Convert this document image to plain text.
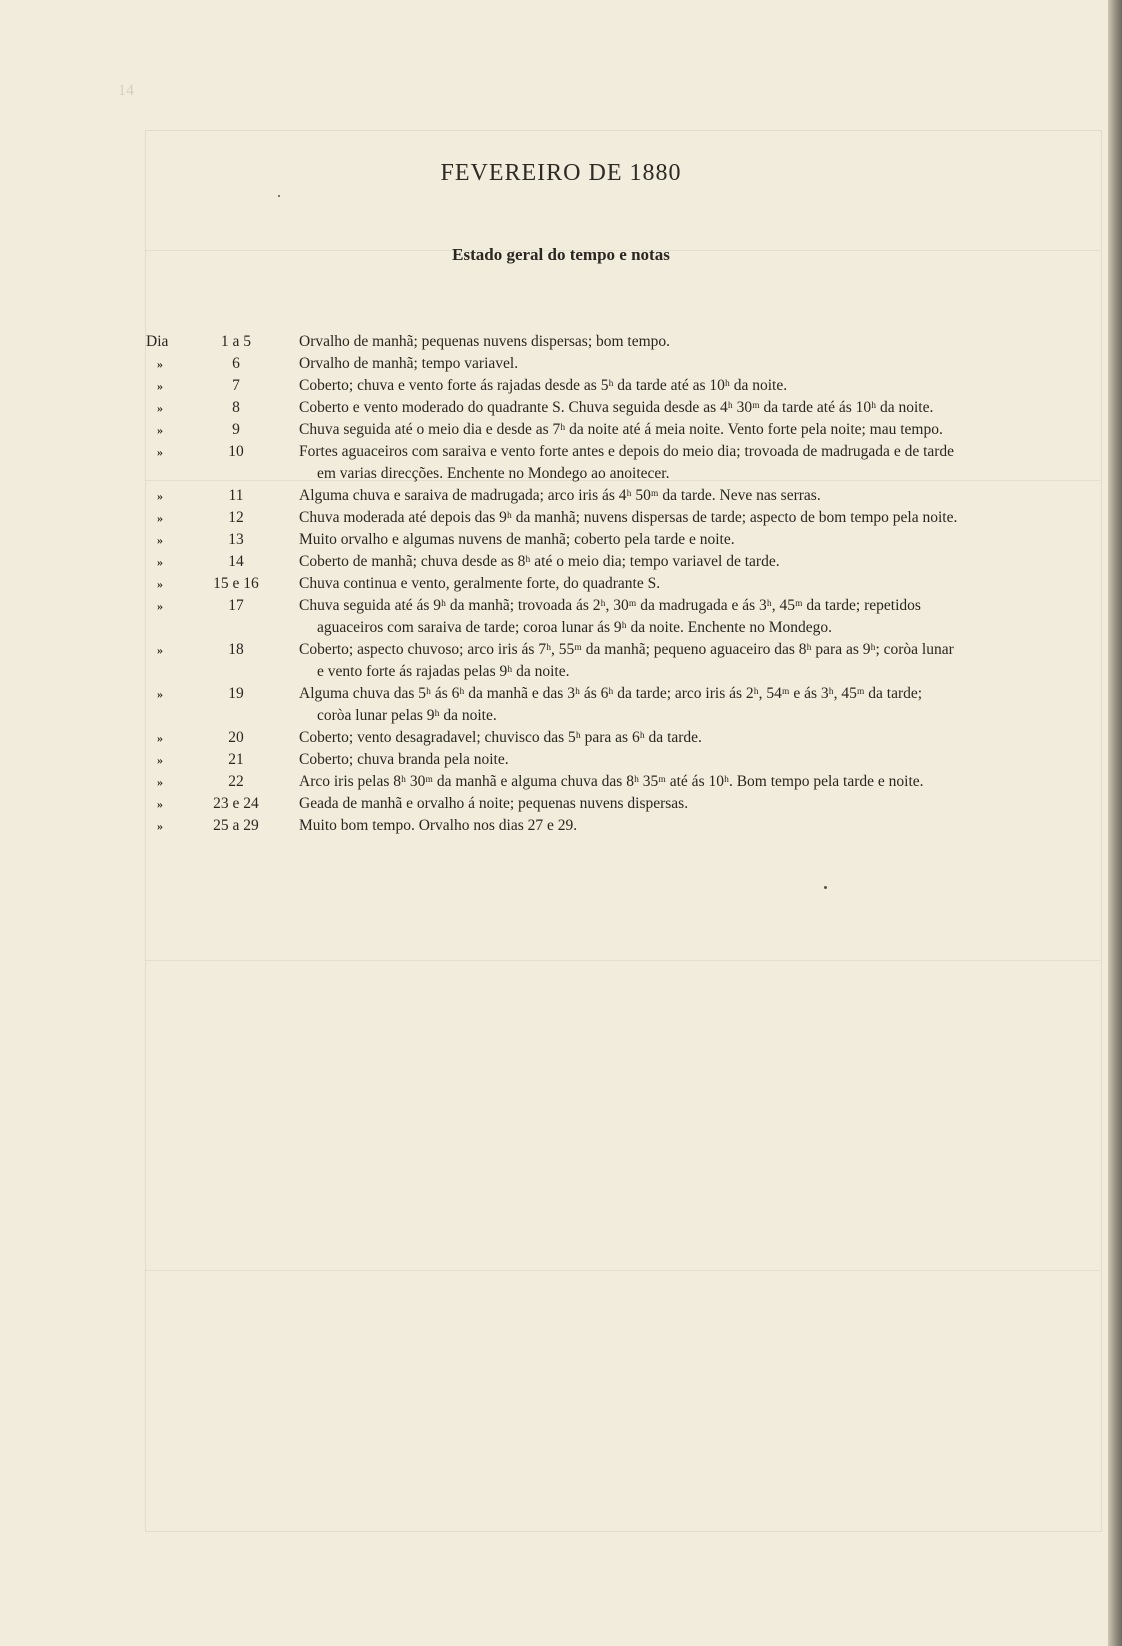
14
FEVEREIRO DE 1880
Estado geral do tempo e notas
Dia	1 a 5	Orvalho de manhã; pequenas nuvens dispersas; bom tempo.
»	6	Orvalho de manhã; tempo variavel.
»	7	Coberto; chuva e vento forte ás rajadas desde as 5ʰ da tarde até as 10ʰ da noite.
»	8	Coberto e vento moderado do quadrante S. Chuva seguida desde as 4ʰ 30ᵐ da tarde até ás 10ʰ da noite.
»	9	Chuva seguida até o meio dia e desde as 7ʰ da noite até á meia noite. Vento forte pela noite; mau tempo.
»	10	Fortes aguaceiros com saraiva e vento forte antes e depois do meio dia; trovoada de madrugada e de tarde
em varias direcções. Enchente no Mondego ao anoitecer.
»	11	Alguma chuva e saraiva de madrugada; arco iris ás 4ʰ 50ᵐ da tarde. Neve nas serras.
»	12	Chuva moderada até depois das 9ʰ da manhã; nuvens dispersas de tarde; aspecto de bom tempo pela noite.
»	13	Muito orvalho e algumas nuvens de manhã; coberto pela tarde e noite.
»	14	Coberto de manhã; chuva desde as 8ʰ até o meio dia; tempo variavel de tarde.
»	15 e 16	Chuva continua e vento, geralmente forte, do quadrante S.
»	17	Chuva seguida até ás 9ʰ da manhã; trovoada ás 2ʰ, 30ᵐ da madrugada e ás 3ʰ, 45ᵐ da tarde; repetidos
aguaceiros com saraiva de tarde; coroa lunar ás 9ʰ da noite. Enchente no Mondego.
»	18	Coberto; aspecto chuvoso; arco iris ás 7ʰ, 55ᵐ da manhã; pequeno aguaceiro das 8ʰ para as 9ʰ; coròa lunar
e vento forte ás rajadas pelas 9ʰ da noite.
»	19	Alguma chuva das 5ʰ ás 6ʰ da manhã e das 3ʰ ás 6ʰ da tarde; arco iris ás 2ʰ, 54ᵐ e ás 3ʰ, 45ᵐ da tarde;
coròa lunar pelas 9ʰ da noite.
»	20	Coberto; vento desagradavel; chuvisco das 5ʰ para as 6ʰ da tarde.
»	21	Coberto; chuva branda pela noite.
»	22	Arco iris pelas 8ʰ 30ᵐ da manhã e alguma chuva das 8ʰ 35ᵐ até ás 10ʰ. Bom tempo pela tarde e noite.
»	23 e 24	Geada de manhã e orvalho á noite; pequenas nuvens dispersas.
»	25 a 29	Muito bom tempo. Orvalho nos dias 27 e 29.
